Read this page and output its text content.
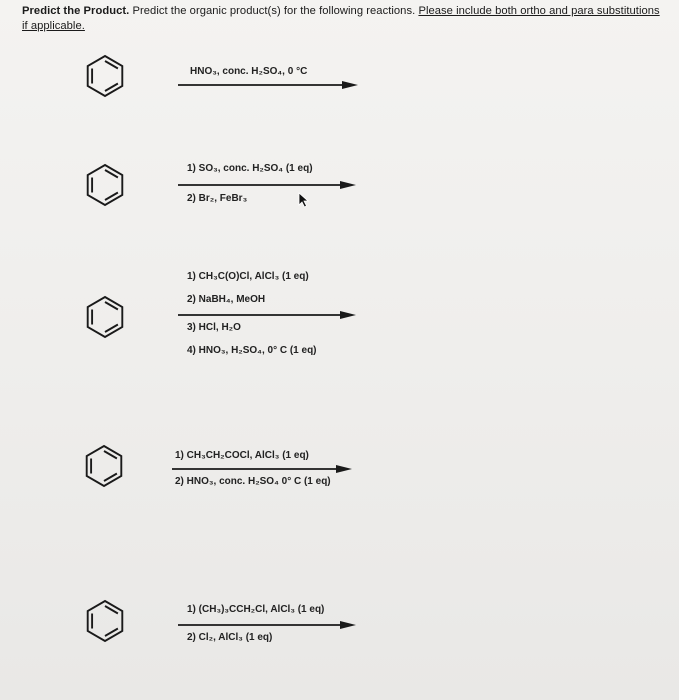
Predict the Product. Predict the organic product(s) for the following reactions. Please include both ortho and para substitutions if applicable.
HNO₃, conc. H₂SO₄, 0 °C
1) SO₃, conc. H₂SO₄ (1 eq)
2) Br₂, FeBr₃
1) CH₃C(O)Cl, AlCl₃ (1 eq)
2) NaBH₄, MeOH
3) HCl, H₂O
4) HNO₃, H₂SO₄, 0° C (1 eq)
1) CH₃CH₂COCl, AlCl₃ (1 eq)
2) HNO₃, conc. H₂SO₄ 0° C (1 eq)
1) (CH₃)₃CCH₂Cl, AlCl₃ (1 eq)
2) Cl₂, AlCl₃ (1 eq)
